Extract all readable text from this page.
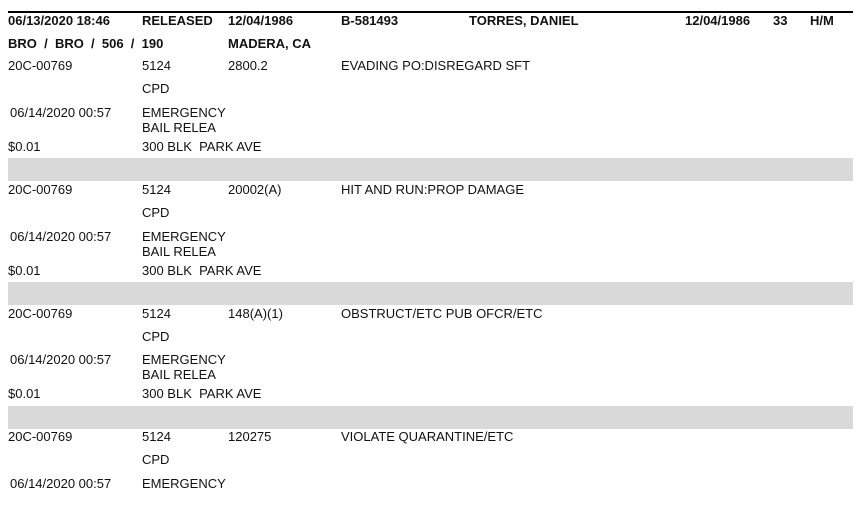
06/13/2020 18:46 RELEASED 12/04/1986	B-581493	TORRES, DANIEL	12/04/1986 33 H/M
BRO  /  BRO  /  506  /  190	MADERA, CA
20C-00769	5124	2800.2	EVADING PO:DISREGARD SFT
CPD
06/14/2020 00:57 EMERGENCY
BAIL RELEA
$0.01	300 BLK  PARK AVE
20C-00769	5124	20002(A)	HIT AND RUN:PROP DAMAGE
CPD
06/14/2020 00:57 EMERGENCY
BAIL RELEA
$0.01	300 BLK  PARK AVE
20C-00769	5124	148(A)(1)	OBSTRUCT/ETC PUB OFCR/ETC
CPD
06/14/2020 00:57 EMERGENCY
BAIL RELEA
$0.01	300 BLK  PARK AVE
20C-00769	5124	120275	VIOLATE QUARANTINE/ETC
CPD
06/14/2020 00:57 EMERGENCY
